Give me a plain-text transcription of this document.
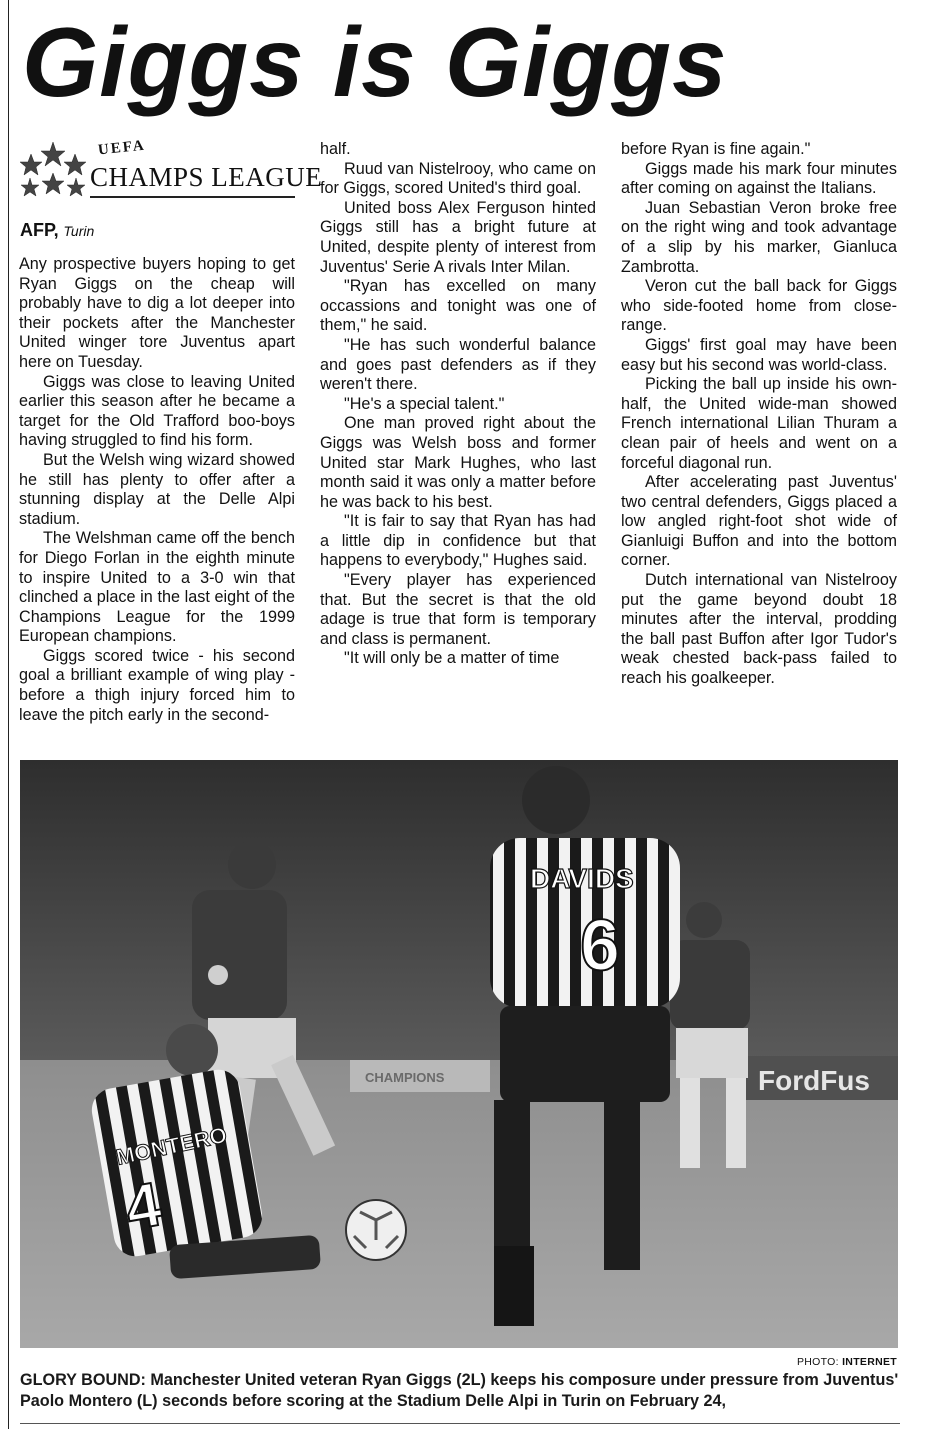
Giggs is Giggs
UEFA
CHAMPS LEAGUE
AFP, Turin

Any prospective buyers hoping to get Ryan Giggs on the cheap will probably have to dig a lot deeper into their pockets after the Manchester United winger tore Juventus apart here on Tuesday.

Giggs was close to leaving United earlier this season after he became a target for the Old Trafford boo-boys having struggled to find his form.

But the Welsh wing wizard showed he still has plenty to offer after a stunning display at the Delle Alpi stadium.

The Welshman came off the bench for Diego Forlan in the eighth minute to inspire United to a 3-0 win that clinched a place in the last eight of the Champions League for the 1999 European champions.

Giggs scored twice - his second goal a brilliant example of wing play - before a thigh injury forced him to leave the pitch early in the second-

half.

Ruud van Nistelrooy, who came on for Giggs, scored United's third goal.

United boss Alex Ferguson hinted Giggs still has a bright future at United, despite plenty of interest from Juventus' Serie A rivals Inter Milan.

"Ryan has excelled on many occassions and tonight was one of them," he said.

"He has such wonderful balance and goes past defenders as if they weren't there.

"He's a special talent."

One man proved right about the Giggs was Welsh boss and former United star Mark Hughes, who last month said it was only a matter before he was back to his best.

"It is fair to say that Ryan has had a little dip in confidence but that happens to everybody," Hughes said.

"Every player has experienced that. But the secret is that the old adage is true that form is temporary and class is permanent.

"It will only be a matter of time

before Ryan is fine again."

Giggs made his mark four minutes after coming on against the Italians.

Juan Sebastian Veron broke free on the right wing and took advantage of a slip by his marker, Gianluca Zambrotta.

Veron cut the ball back for Giggs who side-footed home from close-range.

Giggs' first goal may have been easy but his second was world-class.

Picking the ball up inside his own-half, the United wide-man showed French international Lilian Thuram a clean pair of heels and went on a forceful diagonal run.

After accelerating past Juventus' two central defenders, Giggs placed a low angled right-foot shot wide of Gianluigi Buffon and into the bottom corner.

Dutch international van Nistelrooy put the game beyond doubt 18 minutes after the interval, prodding the ball past Buffon after Igor Tudor's weak chested back-pass failed to reach his goalkeeper.

CHAMPIONS	FordFus
MONTERO
4
DAVIDS
6
PHOTO: INTERNET
GLORY BOUND: Manchester United veteran Ryan Giggs (2L) keeps his composure under pressure from Juventus' Paolo Montero (L) seconds before scoring at the Stadium Delle Alpi in Turin on February 24,
